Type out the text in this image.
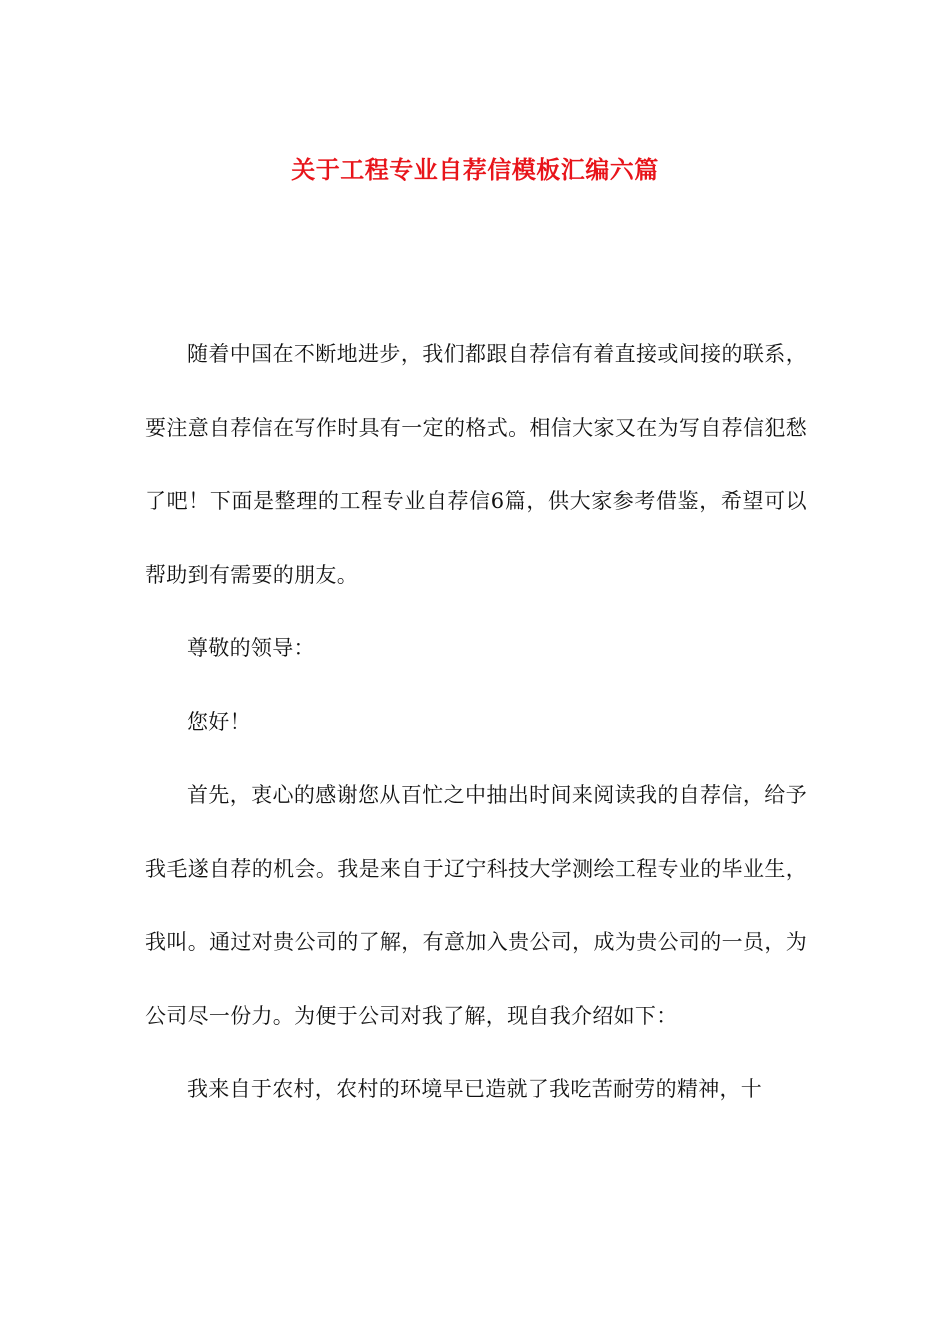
关于工程专业自荐信模板汇编六篇

随着中国在不断地进步，我们都跟自荐信有着直接或间接的联系，要注意自荐信在写作时具有一定的格式。相信大家又在为写自荐信犯愁了吧！下面是整理的工程专业自荐信6篇，供大家参考借鉴，希望可以帮助到有需要的朋友。

尊敬的领导：

您好！

首先，衷心的感谢您从百忙之中抽出时间来阅读我的自荐信，给予我毛遂自荐的机会。我是来自于辽宁科技大学测绘工程专业的毕业生，我叫。通过对贵公司的了解，有意加入贵公司，成为贵公司的一员，为公司尽一份力。为便于公司对我了解，现自我介绍如下：

我来自于农村，农村的环境早已造就了我吃苦耐劳的精神，十
